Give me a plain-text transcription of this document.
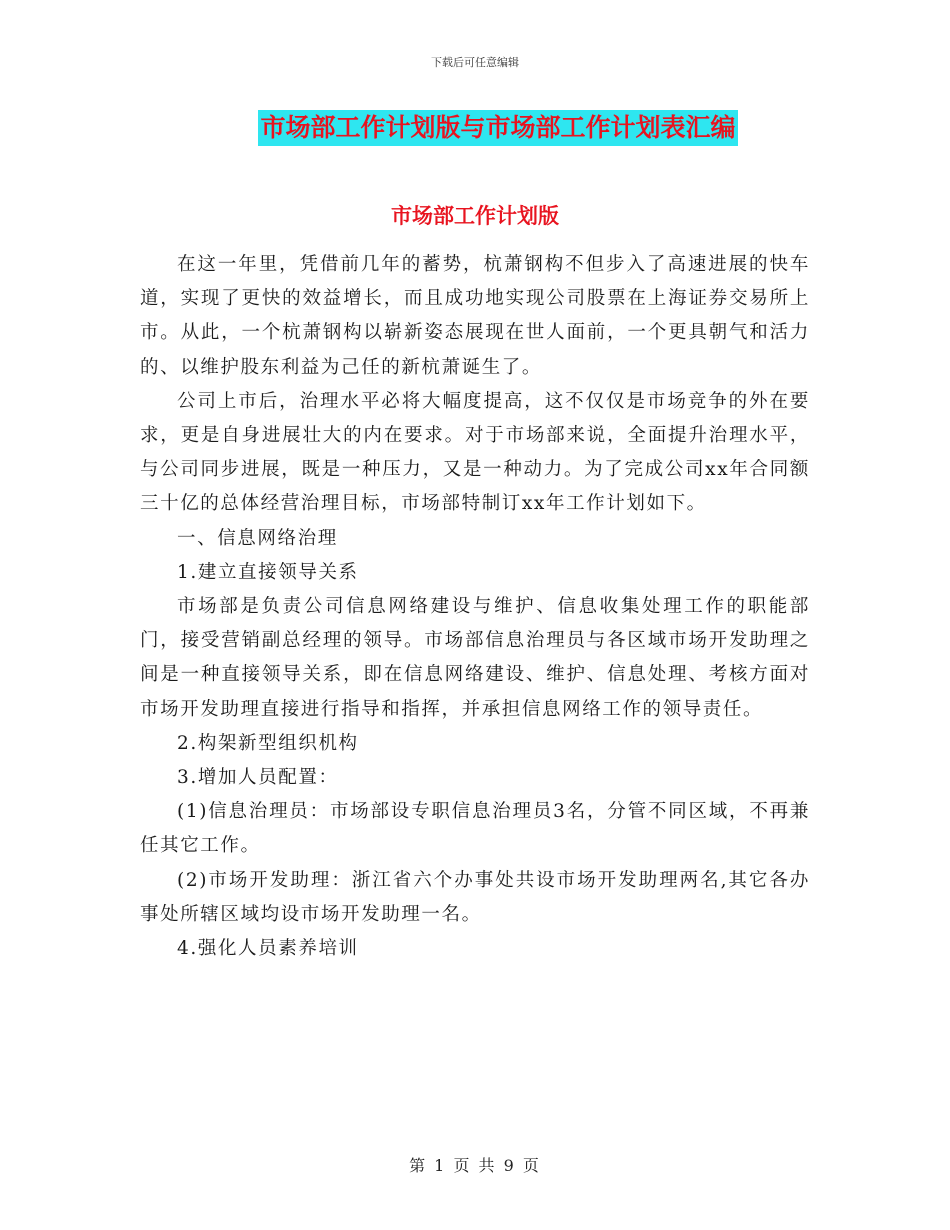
下载后可任意编辑
市场部工作计划版与市场部工作计划表汇编
市场部工作计划版

在这一年里，凭借前几年的蓄势，杭萧钢构不但步入了高速进展的快车道，实现了更快的效益增长，而且成功地实现公司股票在上海证券交易所上市。从此，一个杭萧钢构以崭新姿态展现在世人面前，一个更具朝气和活力的、以维护股东利益为己任的新杭萧诞生了。

公司上市后，治理水平必将大幅度提高，这不仅仅是市场竞争的外在要求，更是自身进展壮大的内在要求。对于市场部来说，全面提升治理水平，与公司同步进展，既是一种压力，又是一种动力。为了完成公司xx年合同额三十亿的总体经营治理目标，市场部特制订xx年工作计划如下。

一、信息网络治理

1.建立直接领导关系

市场部是负责公司信息网络建设与维护、信息收集处理工作的职能部门，接受营销副总经理的领导。市场部信息治理员与各区域市场开发助理之间是一种直接领导关系，即在信息网络建设、维护、信息处理、考核方面对市场开发助理直接进行指导和指挥，并承担信息网络工作的领导责任。

2.构架新型组织机构

3.增加人员配置：

(1)信息治理员：市场部设专职信息治理员3名，分管不同区域，不再兼任其它工作。

(2)市场开发助理：浙江省六个办事处共设市场开发助理两名,其它各办事处所辖区域均设市场开发助理一名。

4.强化人员素养培训

第 1 页 共 9 页
